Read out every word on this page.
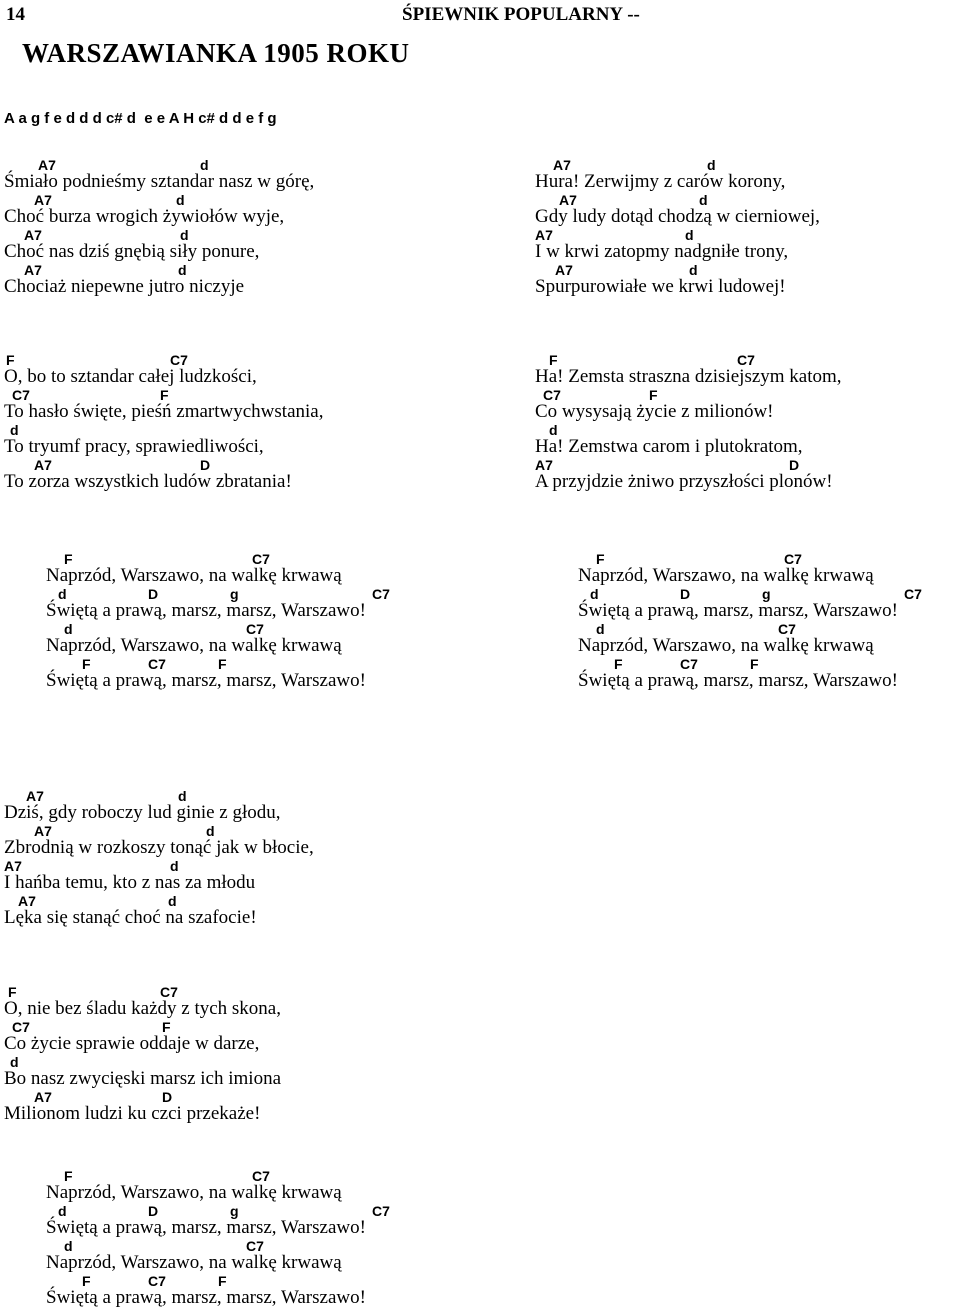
14	ŚPIEWNIK POPULARNY --
WARSZAWIANKA 1905 ROKU
A a g f e d d d c# d  e e A H c# d d e f g
A7	d
Śmiało podnieśmy sztandar nasz w górę,
A7	d
Choć burza wrogich żywiołów wyje,
A7	d
Choć nas dziś gnębią siły ponure,
A7	d
Chociaż niepewne jutro niczyje
A7	d
Hura! Zerwijmy z carów korony,
A7	d
Gdy ludy dotąd chodzą w cierniowej,
A7	d
I w krwi zatopmy nadgniłe trony,
A7	d
Spurpurowiałe we krwi ludowej!
F	C7
O, bo to sztandar całej ludzkości,
C7	F
To hasło święte, pieśń zmartwychwstania,
d
To tryumf pracy, sprawiedliwości,
A7	D
To zorza wszystkich ludów zbratania!
F	C7
Ha! Zemsta straszna dzisiejszym katom,
C7	F
Co wysysają życie z milionów!
d
Ha! Zemstwa carom i plutokratom,
A7	D
A przyjdzie żniwo przyszłości plonów!
F	C7
Naprzód, Warszawo, na walkę krwawą
d	D	g	C7
Świętą a prawą, marsz, marsz, Warszawo!
d	C7
Naprzód, Warszawo, na walkę krwawą
F	C7	F
Świętą a prawą, marsz, marsz, Warszawo!
F	C7
Naprzód, Warszawo, na walkę krwawą
d	D	g	C7
Świętą a prawą, marsz, marsz, Warszawo!
d	C7
Naprzód, Warszawo, na walkę krwawą
F	C7	F
Świętą a prawą, marsz, marsz, Warszawo!
A7	d
Dziś, gdy roboczy lud ginie z głodu,
A7	d
Zbrodnią w rozkoszy tonąć jak w błocie,
A7	d
I hańba temu, kto z nas za młodu
A7	d
Lęka się stanąć choć na szafocie!
F	C7
O, nie bez śladu każdy z tych skona,
C7	F
Co życie sprawie oddaje w darze,
d
Bo nasz zwycięski marsz ich imiona
A7	D
Milionom ludzi ku czci przekaże!
F	C7
Naprzód, Warszawo, na walkę krwawą
d	D	g	C7
Świętą a prawą, marsz, marsz, Warszawo!
d	C7
Naprzód, Warszawo, na walkę krwawą
F	C7	F
Świętą a prawą, marsz, marsz, Warszawo!
